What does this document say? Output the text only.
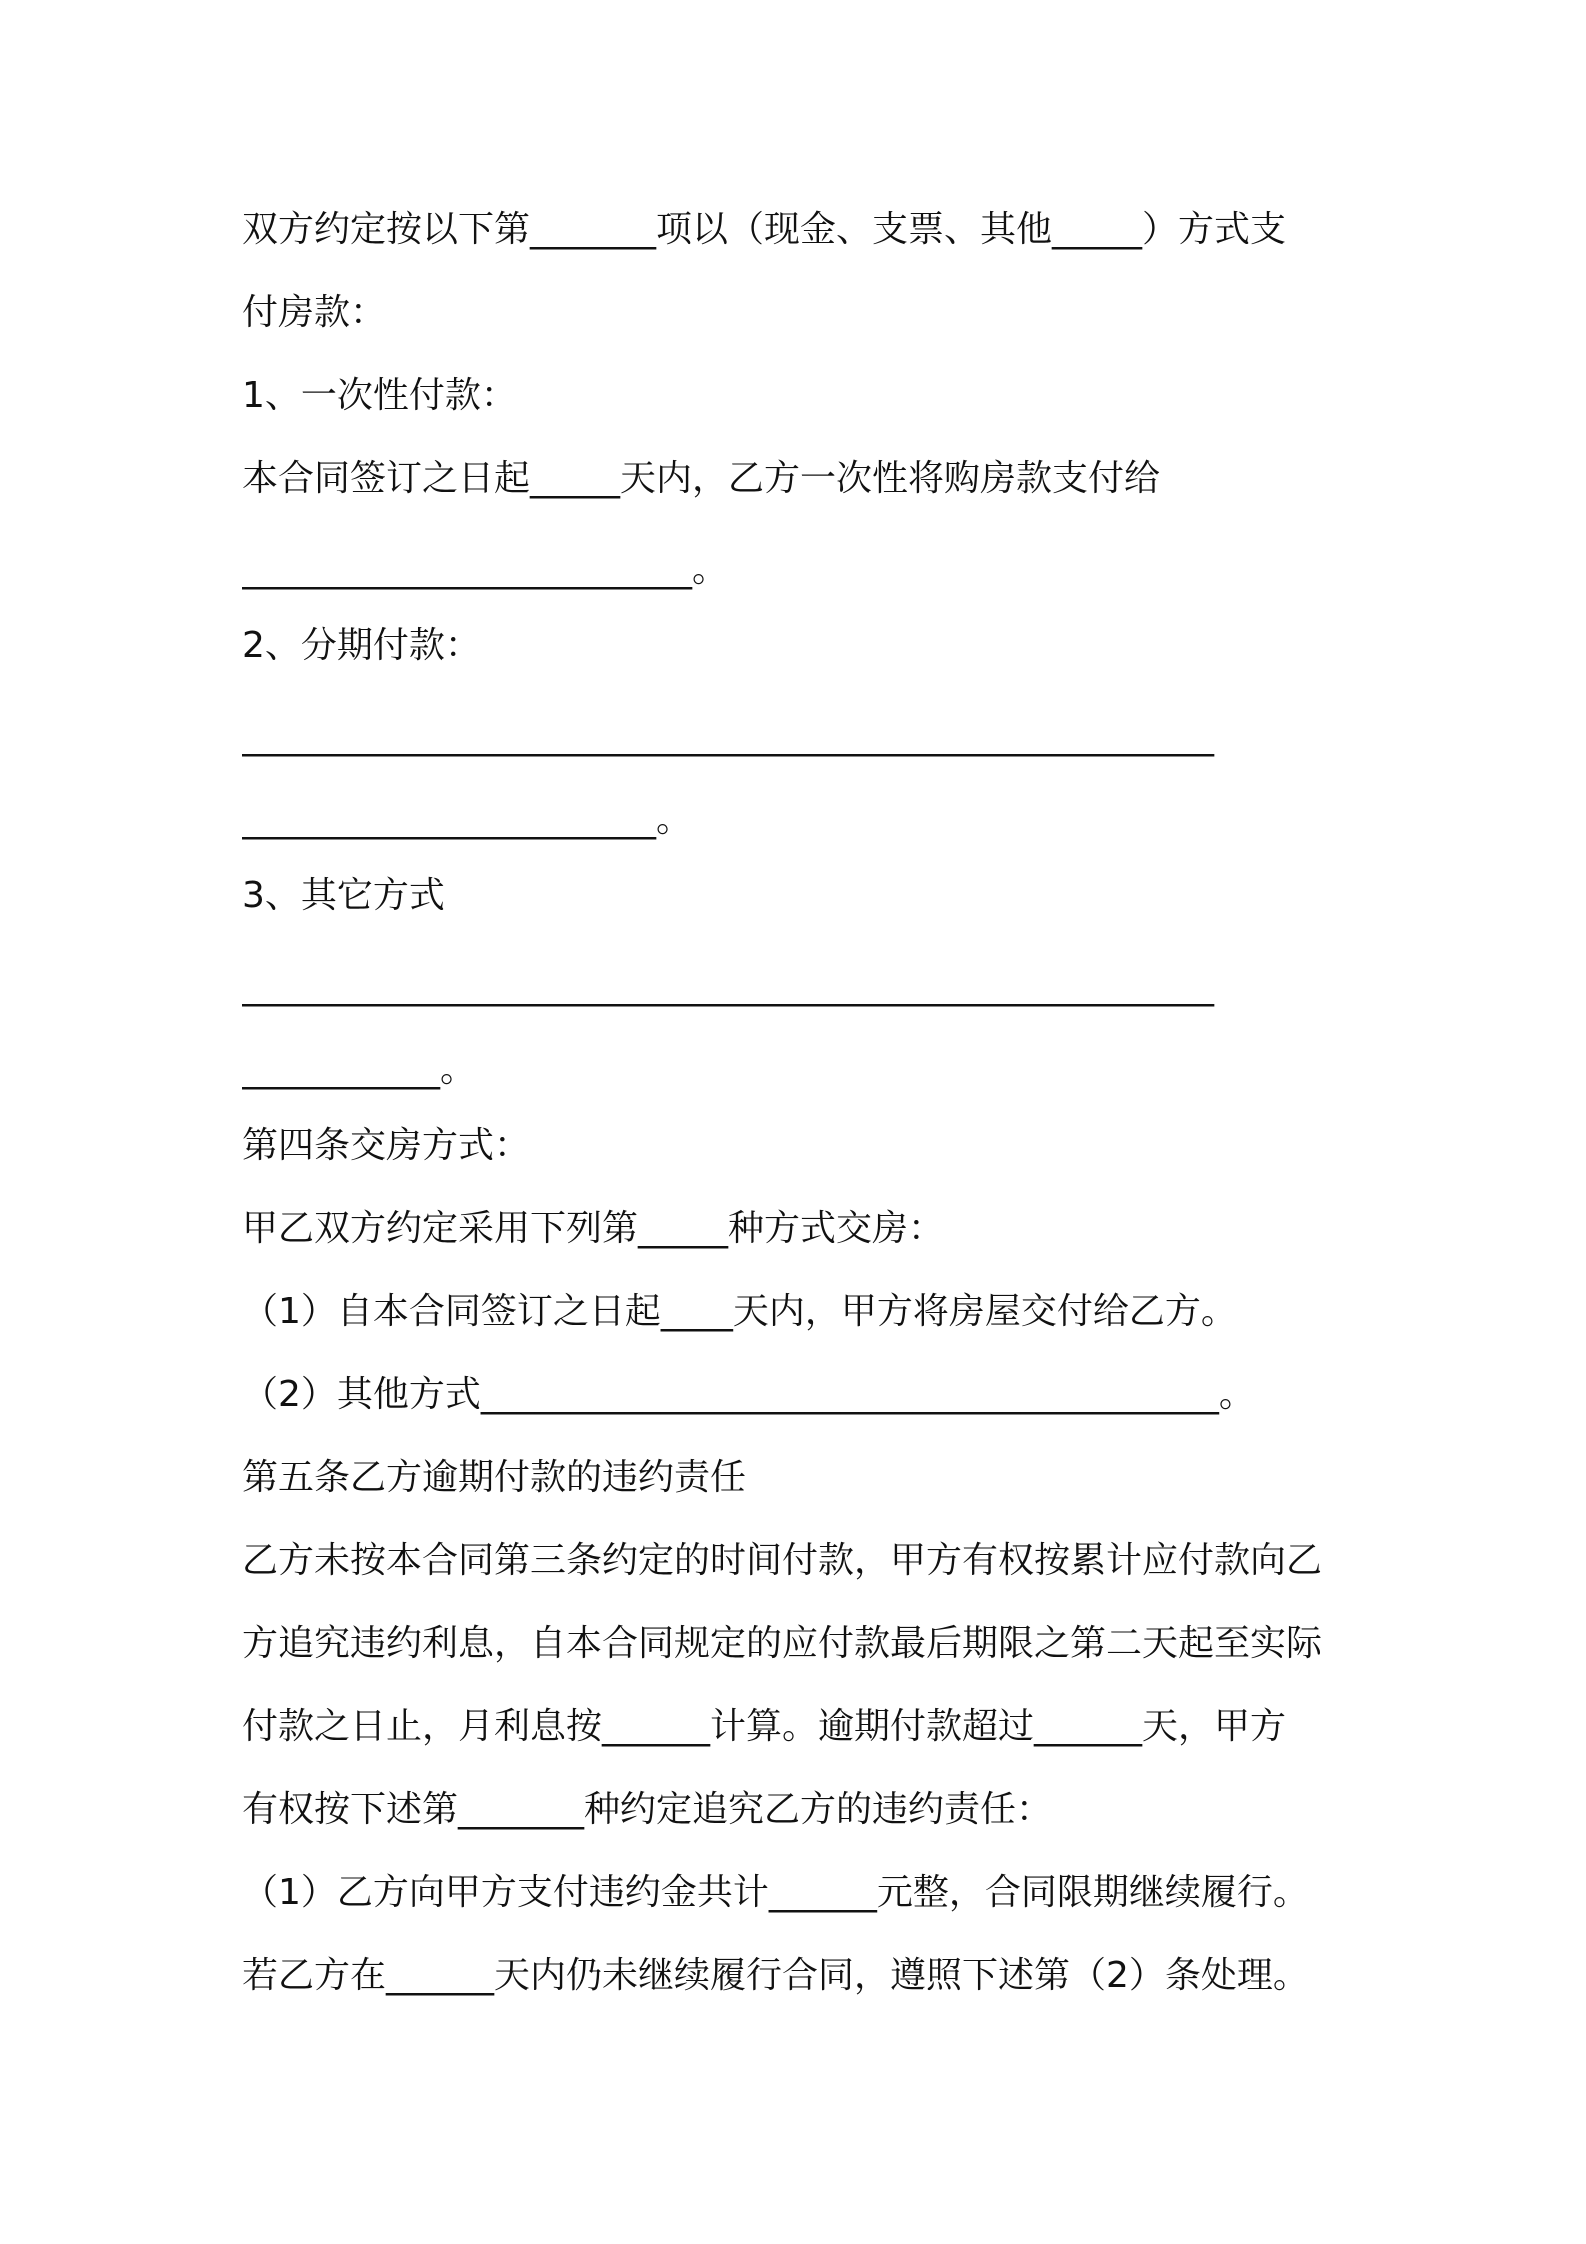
双方约定按以下第_______项以（现金、支票、其他_____）方式支
付房款：
1、一次性付款：
本合同签订之日起_____天内，乙方一次性将购房款支付给
_________________________。
2、分期付款：
______________________________________________________
_______________________。
3、其它方式
______________________________________________________
___________。
第四条交房方式：
甲乙双方约定采用下列第_____种方式交房：
（1）自本合同签订之日起____天内，甲方将房屋交付给乙方。
（2）其他方式_________________________________________。
第五条乙方逾期付款的违约责任
乙方未按本合同第三条约定的时间付款，甲方有权按累计应付款向乙
方追究违约利息，自本合同规定的应付款最后期限之第二天起至实际
付款之日止，月利息按______计算。逾期付款超过______天，甲方
有权按下述第_______种约定追究乙方的违约责任：
（1）乙方向甲方支付违约金共计______元整，合同限期继续履行。
若乙方在______天内仍未继续履行合同，遵照下述第（2）条处理。
